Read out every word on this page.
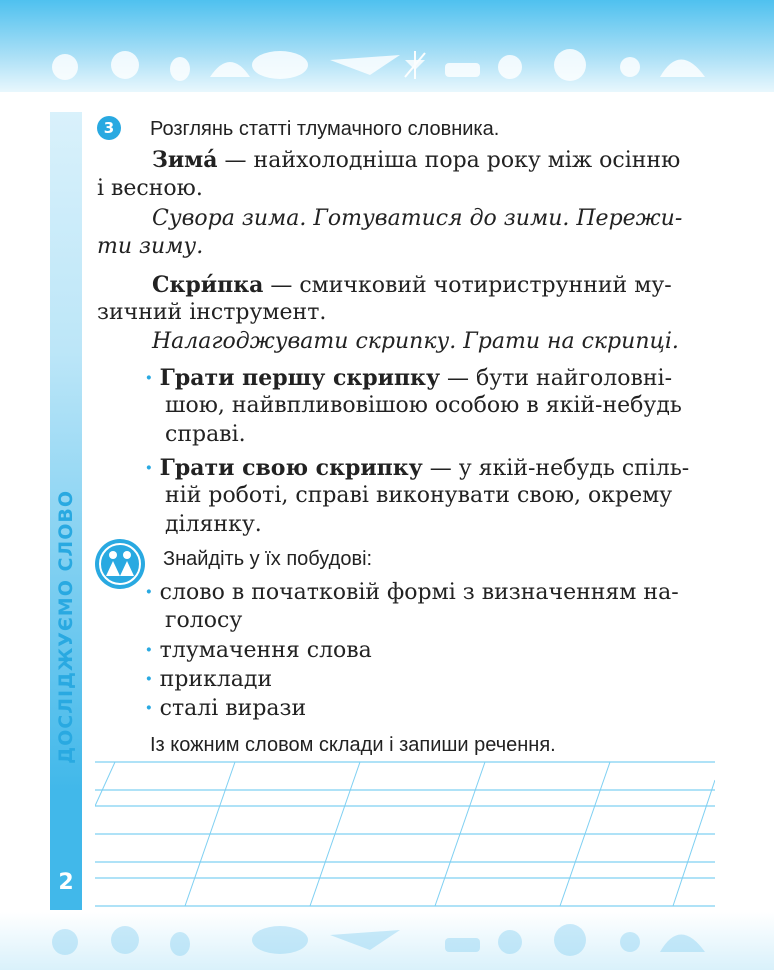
ДОСЛІДЖУЄМО СЛОВО
2
3	Розглянь статті тлумачного словника.
Зима́ — найхолодніша пора року між осінню
і весною.
Сувора зима. Готуватися до зими. Пережи-
ти зиму.
Скри́пка — смичковий чотириструнний му-
зичний інструмент.
Налагоджувати скрипку. Грати на скрипці.
· Грати першу скрипку — бути найголовні-
шою, найвпливовішою особою в якій-небудь
справі.
· Грати свою скрипку — у якій-небудь спіль-
ній роботі, справі виконувати свою, окрему
ділянку.
Знайдіть у їх побудові:
· слово в початковій формі з визначенням на-
голосу
· тлумачення слова
· приклади
· сталі вирази
Із кожним словом склади і запиши речення.
